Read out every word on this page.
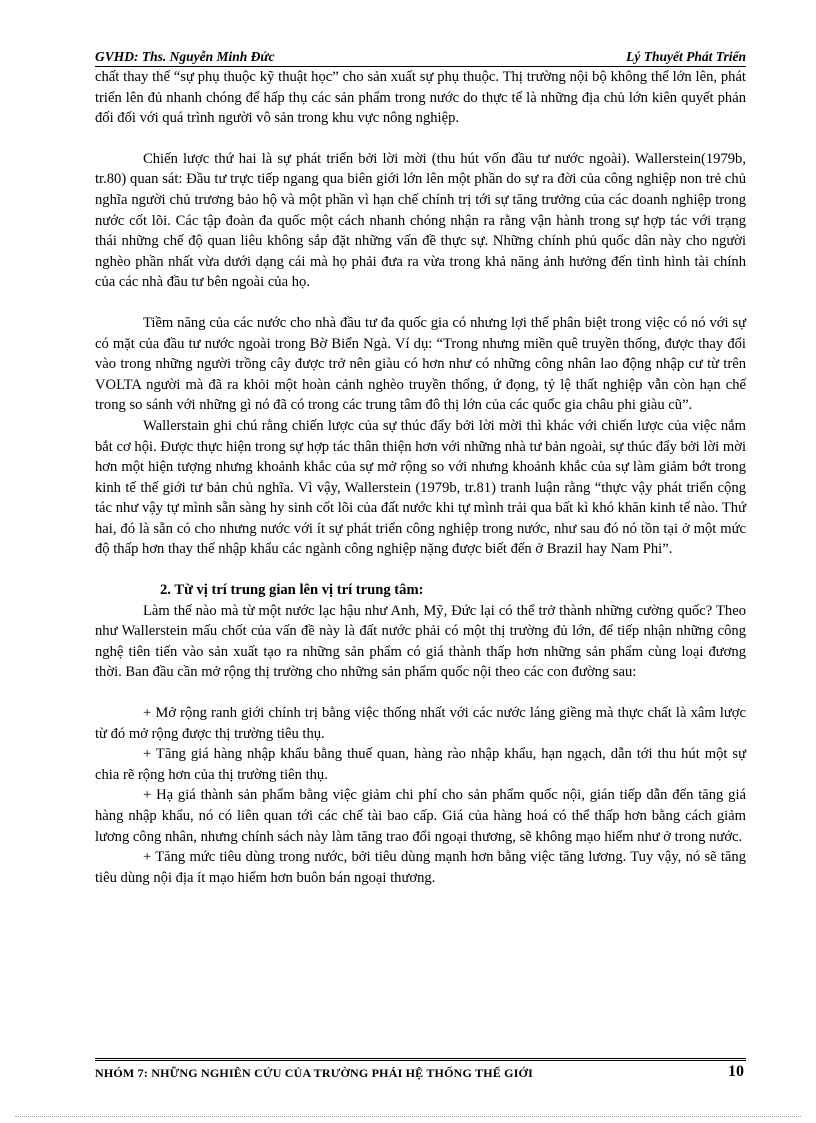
GVHD: Ths. Nguyễn Minh Đức	Lý Thuyết Phát Triển

chất thay thế “sự phụ thuộc kỹ thuật học” cho sản xuất sự phụ thuộc. Thị trường nội bộ không thể lớn lên, phát triển lên đủ nhanh chóng để hấp thụ các sản phẩm trong nước do thực tế là những địa chủ lớn kiên quyết phản đối đối với quá trình người vô sản trong khu vực nông nghiệp.

Chiến lược thứ hai là sự phát triển bởi lời mời (thu hút vốn đầu tư nước ngoài). Wallerstein(1979b, tr.80) quan sát: Đầu tư trực tiếp ngang qua biên giới lớn lên một phần do sự ra đời của công nghiệp non trẻ chủ nghĩa người chủ trương bảo hộ và một phần vì hạn chế chính trị tới sự tăng trưởng của các doanh nghiệp trong nước cốt lõi. Các tập đoàn đa quốc một cách nhanh chóng nhận ra rằng vận hành trong sự hợp tác với trạng thái những chế độ quan liêu không sắp đặt những vấn đề thực sự. Những chính phủ quốc dân này cho người nghèo phần nhất vừa dưới dạng cái mà họ phải đưa ra vừa trong khả năng ảnh hưởng đến tình hình tài chính của các nhà đầu tư bên ngoài của họ.

Tiềm năng của các nước cho nhà đầu tư đa quốc gia có nhưng lợi thế phân biệt trong việc có nó với sự có mặt của đầu tư nước ngoài trong Bờ Biển Ngà. Ví dụ: “Trong nhưng miền quê truyền thống, được thay đổi vào trong những người trồng cây được trở nên giàu có hơn như có những công nhân lao động nhập cư từ trên VOLTA người mà đã ra khỏi một hoàn cảnh nghèo truyền thống, ứ đọng, tỷ lệ thất nghiệp vẫn còn hạn chế trong so sánh với những gì nó đã có trong các trung tâm đô thị lớn của các quốc gia châu phi giàu cũ”.

Wallerstain ghi chú rằng chiến lược của sự thúc đẩy bởi lời mời thì khác với chiến lược của việc nắm bắt cơ hội. Được thực hiện trong sự hợp tác thân thiện hơn với những nhà tư bản ngoài, sự thúc đẩy bởi lời mời hơn một hiện tượng nhưng khoảnh khắc của sự mở rộng so với nhưng khoảnh khắc của sự làm giảm bớt trong kinh tế thế giới tư bản chủ nghĩa. Vì vậy, Wallerstein (1979b, tr.81) tranh luận rằng “thực vậy phát triển cộng tác như vậy tự mình sẵn sàng hy sinh cốt lõi của đất nước khi tự mình trải qua bất kì khó khăn kinh tế nào. Thứ hai, đó là sẵn có cho nhưng nước với ít sự phát triển công nghiệp trong nước, như sau đó nó tồn tại ở một mức độ thấp hơn thay thế nhập khẩu các ngành công nghiệp nặng được biết đến ở Brazil hay Nam Phi”.

2. Từ vị trí trung gian lên vị trí trung tâm:

Làm thế nào mà từ một nước lạc hậu như Anh, Mỹ, Đức lại có thể trở thành những cường quốc? Theo như Wallerstein mấu chốt của vấn đề này là đất nước phải có một thị trường đủ lớn, để tiếp nhận những công nghệ tiên tiến vào sản xuất tạo ra những sản phẩm có giá thành thấp hơn những sản phẩm cùng loại đương thời. Ban đầu cần mở rộng thị trường cho những sản phẩm quốc nội theo các con đường sau:

+ Mở rộng ranh giới chính trị bằng việc thống nhất với các nước láng giềng mà thực chất là xâm lược từ đó mở rộng được thị trường tiêu thụ.

+ Tăng giá hàng nhập khẩu bằng thuế quan, hàng rào nhập khẩu, hạn ngạch, dẫn tới thu hút một sự chia rẽ rộng hơn của thị trường tiên thụ.

+ Hạ giá thành sản phẩm bằng việc giảm chi phí cho sản phẩm quốc nội, gián tiếp dẫn đến tăng giá hàng nhập khẩu, nó có liên quan tới các chế tài bao cấp. Giá của hàng hoá có thể thấp hơn bằng cách giảm lương công nhân, nhưng chính sách này làm tăng trao đổi ngoại thương, sẽ không mạo hiểm như ở trong nước.

+ Tăng mức tiêu dùng trong nước, bởi tiêu dùng mạnh hơn bằng việc tăng lương. Tuy vậy, nó sẽ tăng tiêu dùng nội địa ít mạo hiểm hơn buôn bán ngoại thương.

NHÓM 7: NHỮNG NGHIÊN CỨU CỦA TRƯỜNG PHÁI HỆ THỐNG THẾ GIỚI	10
